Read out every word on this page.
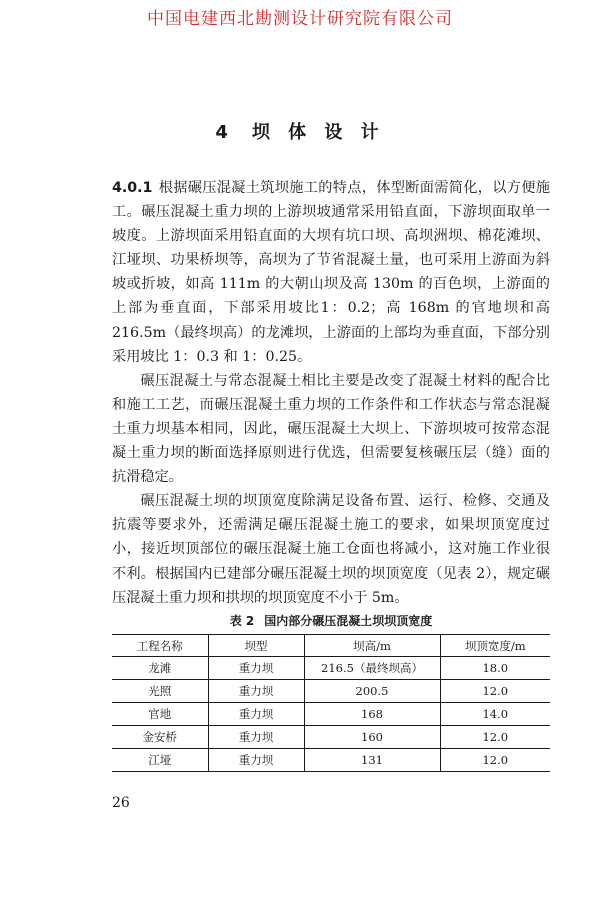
中国电建西北勘测设计研究院有限公司
4 坝 体 设 计

4.0.1 根据碾压混凝土筑坝施工的特点，体型断面需简化，以方便施工。碾压混凝土重力坝的上游坝坡通常采用铅直面，下游坝面取单一坡度。上游坝面采用铅直面的大坝有坑口坝、高坝洲坝、棉花滩坝、江垭坝、功果桥坝等，高坝为了节省混凝土量，也可采用上游面为斜坡或折坡，如高 111m 的大朝山坝及高 130m 的百色坝，上游面的上部为垂直面，下部采用坡比1：0.2；高 168m 的官地坝和高 216.5m（最终坝高）的龙滩坝，上游面的上部均为垂直面，下部分别采用坡比 1：0.3 和 1：0.25。

碾压混凝土与常态混凝土相比主要是改变了混凝土材料的配合比和施工工艺，而碾压混凝土重力坝的工作条件和工作状态与常态混凝土重力坝基本相同，因此，碾压混凝土大坝上、下游坝坡可按常态混凝土重力坝的断面选择原则进行优选，但需要复核碾压层（缝）面的抗滑稳定。

碾压混凝土坝的坝顶宽度除满足设备布置、运行、检修、交通及抗震等要求外，还需满足碾压混凝土施工的要求，如果坝顶宽度过小，接近坝顶部位的碾压混凝土施工仓面也将减小，这对施工作业很不利。根据国内已建部分碾压混凝土坝的坝顶宽度（见表 2），规定碾压混凝土重力坝和拱坝的坝顶宽度不小于 5m。

表 2 国内部分碾压混凝土坝坝顶宽度
工程名称	坝型	坝高/m	坝顶宽度/m
龙滩	重力坝	216.5（最终坝高）	18.0
光照	重力坝	200.5	12.0
官地	重力坝	168	14.0
金安桥	重力坝	160	12.0
江垭	重力坝	131	12.0
26
